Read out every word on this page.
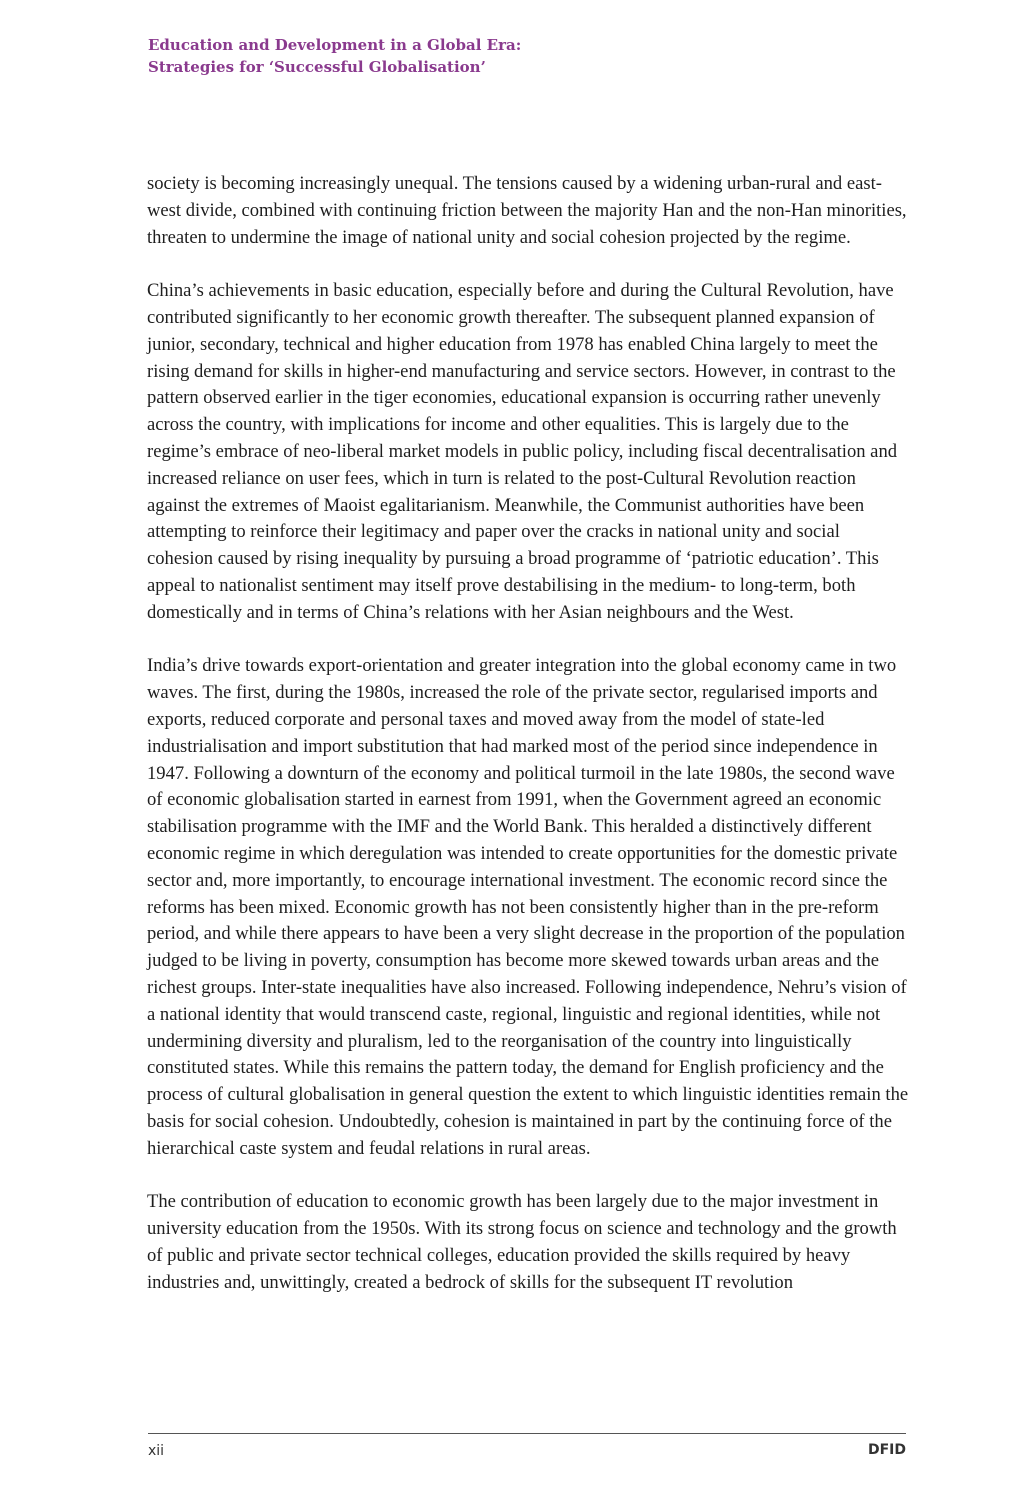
Education and Development in a Global Era:
Strategies for ‘Successful Globalisation’

society is becoming increasingly unequal. The tensions caused by a widening urban-rural and east-west divide, combined with continuing friction between the majority Han and the non-Han minorities, threaten to undermine the image of national unity and social cohesion projected by the regime.

China’s achievements in basic education, especially before and during the Cultural Revolution, have contributed significantly to her economic growth thereafter. The subsequent planned expansion of junior, secondary, technical and higher education from 1978 has enabled China largely to meet the rising demand for skills in higher-end manufacturing and service sectors. However, in contrast to the pattern observed earlier in the tiger economies, educational expansion is occurring rather unevenly across the country, with implications for income and other equalities. This is largely due to the regime’s embrace of neo-liberal market models in public policy, including fiscal decentralisation and increased reliance on user fees, which in turn is related to the post-Cultural Revolution reaction against the extremes of Maoist egalitarianism. Meanwhile, the Communist authorities have been attempting to reinforce their legitimacy and paper over the cracks in national unity and social cohesion caused by rising inequality by pursuing a broad programme of ‘patriotic education’. This appeal to nationalist sentiment may itself prove destabilising in the medium- to long-term, both domestically and in terms of China’s relations with her Asian neighbours and the West.

India’s drive towards export-orientation and greater integration into the global economy came in two waves. The first, during the 1980s, increased the role of the private sector, regularised imports and exports, reduced corporate and personal taxes and moved away from the model of state-led industrialisation and import substitution that had marked most of the period since independence in 1947. Following a downturn of the economy and political turmoil in the late 1980s, the second wave of economic globalisation started in earnest from 1991, when the Government agreed an economic stabilisation programme with the IMF and the World Bank. This heralded a distinctively different economic regime in which deregulation was intended to create opportunities for the domestic private sector and, more importantly, to encourage international investment. The economic record since the reforms has been mixed. Economic growth has not been consistently higher than in the pre-reform period, and while there appears to have been a very slight decrease in the proportion of the population judged to be living in poverty, consumption has become more skewed towards urban areas and the richest groups. Inter-state inequalities have also increased. Following independence, Nehru’s vision of a national identity that would transcend caste, regional, linguistic and regional identities, while not undermining diversity and pluralism, led to the reorganisation of the country into linguistically constituted states. While this remains the pattern today, the demand for English proficiency and the process of cultural globalisation in general question the extent to which linguistic identities remain the basis for social cohesion. Undoubtedly, cohesion is maintained in part by the continuing force of the hierarchical caste system and feudal relations in rural areas.

The contribution of education to economic growth has been largely due to the major investment in university education from the 1950s. With its strong focus on science and technology and the growth of public and private sector technical colleges, education provided the skills required by heavy industries and, unwittingly, created a bedrock of skills for the subsequent IT revolution

xii	DFID
